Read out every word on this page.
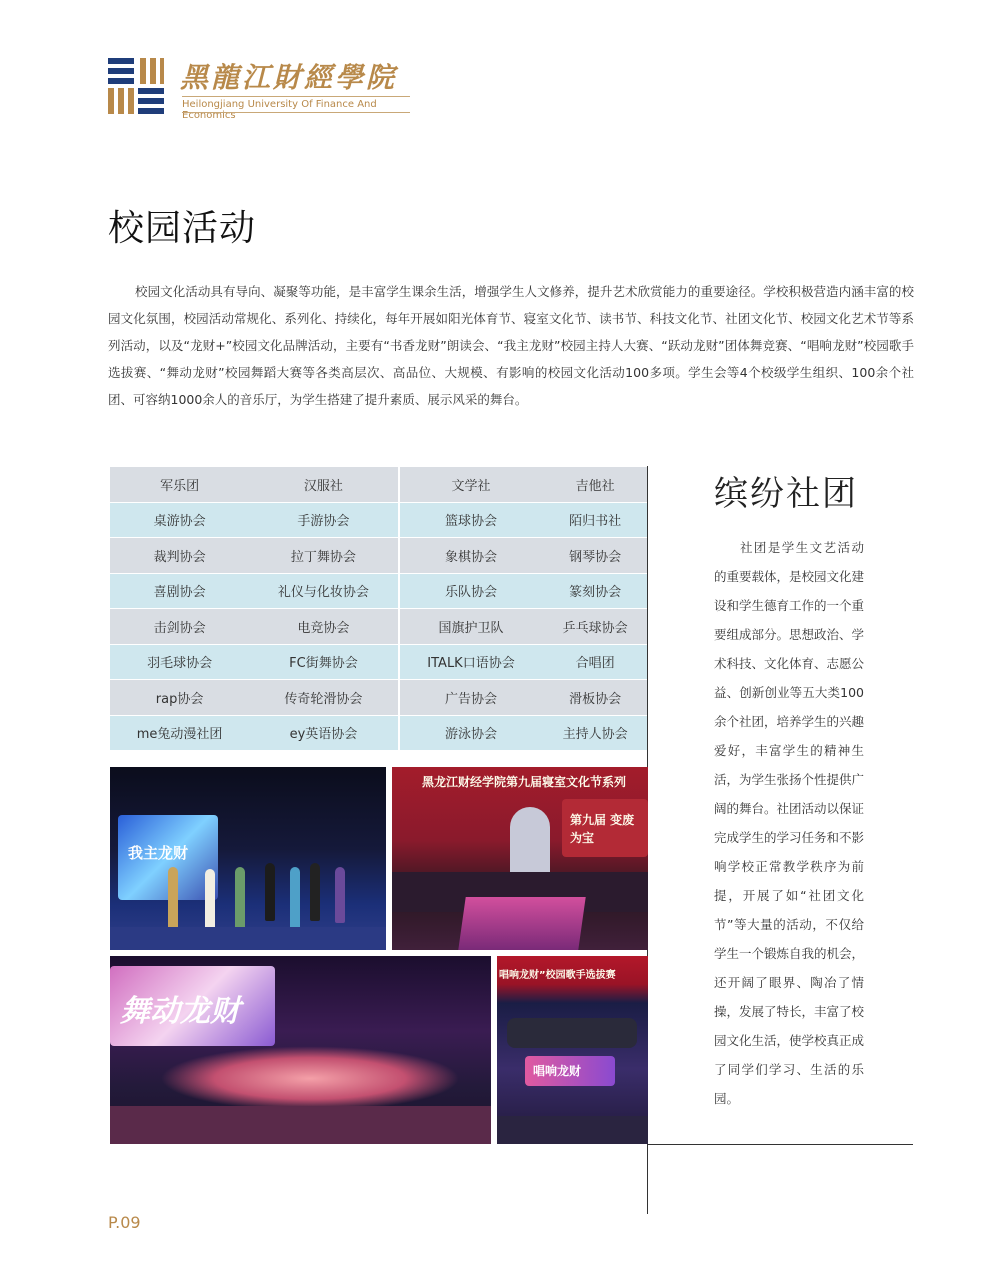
黑龍江財經學院
Heilongjiang University Of Finance And Economics
校园活动

校园文化活动具有导向、凝聚等功能，是丰富学生课余生活，增强学生人文修养，提升艺术欣赏能力的重要途径。学校积极营造内涵丰富的校园文化氛围，校园活动常规化、系列化、持续化，每年开展如阳光体育节、寝室文化节、读书节、科技文化节、社团文化节、校园文化艺术节等系列活动，以及“龙财+”校园文化品牌活动，主要有“书香龙财”朗读会、“我主龙财”校园主持人大赛、“跃动龙财”团体舞竞赛、“唱响龙财”校园歌手选拔赛、“舞动龙财”校园舞蹈大赛等各类高层次、高品位、大规模、有影响的校园文化活动100多项。学生会等4个校级学生组织、100余个社团、可容纳1000余人的音乐厅，为学生搭建了提升素质、展示风采的舞台。

军乐团	汉服社	文学社	吉他社
桌游协会	手游协会	篮球协会	陌归书社
裁判协会	拉丁舞协会	象棋协会	钢琴协会
喜剧协会	礼仪与化妆协会	乐队协会	篆刻协会
击剑协会	电竞协会	国旗护卫队	乒乓球协会
羽毛球协会	FC街舞协会	ITALK口语协会	合唱团
rap协会	传奇轮滑协会	广告协会	滑板协会
me兔动漫社团	ey英语协会	游泳协会	主持人协会
缤纷社团

社团是学生文艺活动的重要载体，是校园文化建设和学生德育工作的一个重要组成部分。思想政治、学术科技、文化体育、志愿公益、创新创业等五大类100余个社团，培养学生的兴趣爱好，丰富学生的精神生活，为学生张扬个性提供广阔的舞台。社团活动以保证完成学生的学习任务和不影响学校正常教学秩序为前提，开展了如“社团文化节”等大量的活动，不仅给学生一个锻炼自我的机会，还开阔了眼界、陶冶了情操，发展了特长，丰富了校园文化生活，使学校真正成了同学们学习、生活的乐园。

我主龙财
黑龙江财经学院第九届寝室文化节系列
第九届 变废为宝
舞动龙财
唱响龙财”校园歌手选拔赛
唱响龙财
P.09
